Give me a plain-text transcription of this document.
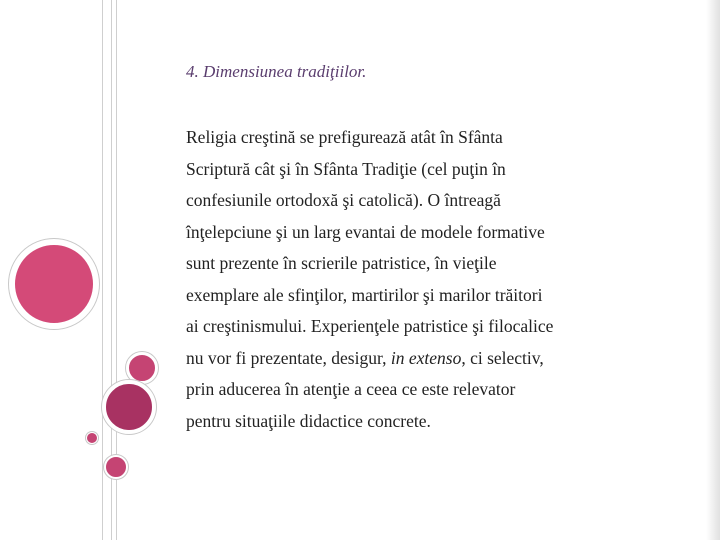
4. Dimensiunea tradiţiilor.

Religia creştină se prefigurează atât în Sfânta
Scriptură cât şi în Sfânta Tradiţie (cel puţin în
confesiunile ortodoxă şi catolică). O întreagă
înţelepciune şi un larg evantai de modele formative
sunt prezente în scrierile patristice, în vieţile
exemplare ale sfinţilor, martirilor şi marilor trăitori
ai creştinismului. Experienţele patristice şi filocalice
nu vor fi prezentate, desigur, in extenso, ci selectiv,
prin aducerea în atenţie a ceea ce este relevator
pentru situaţiile didactice concrete.
